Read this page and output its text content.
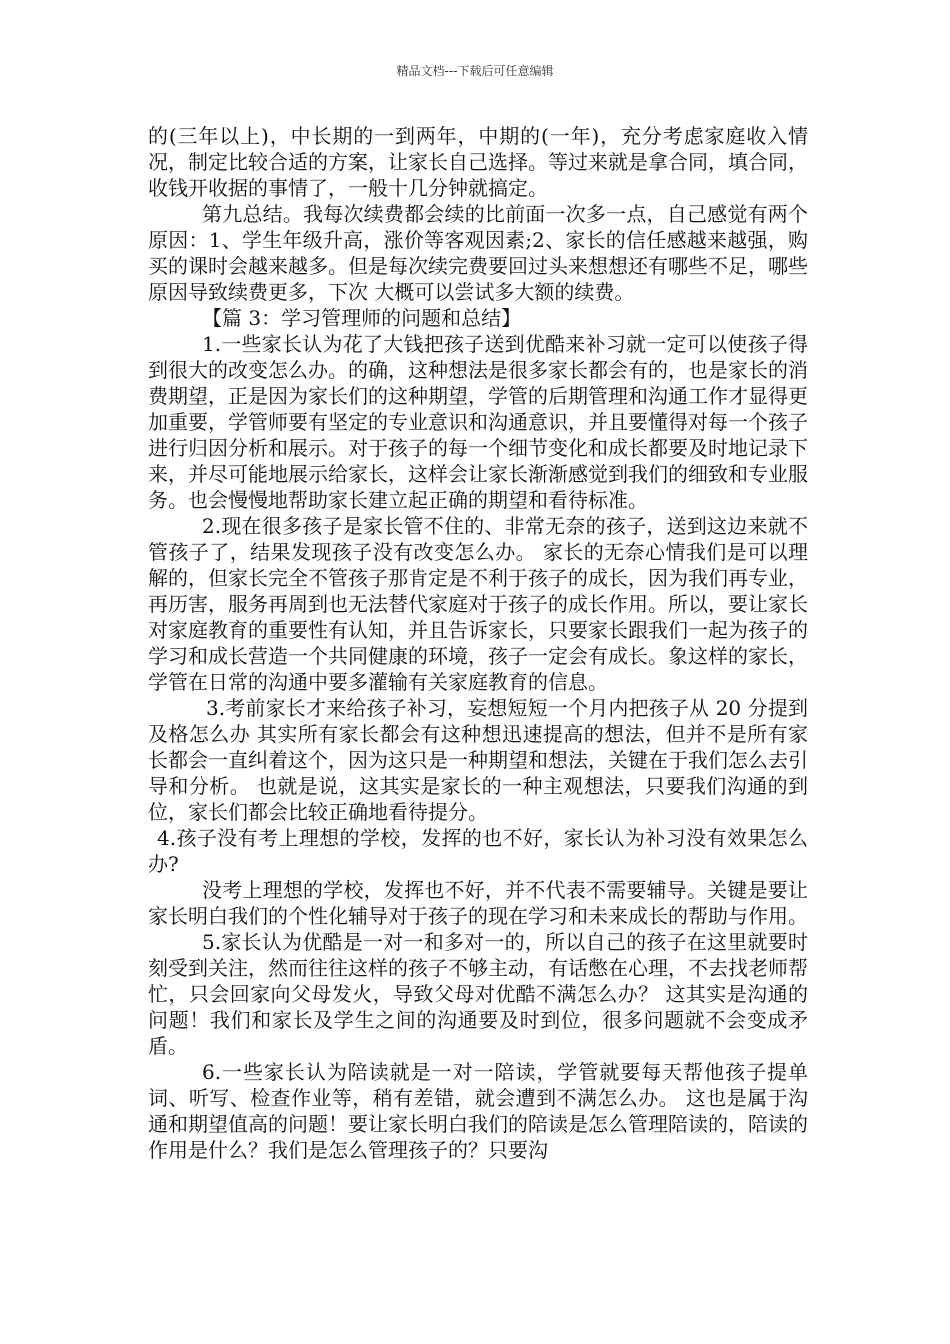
精品文档---下载后可任意编辑

的(三年以上)，中长期的一到两年，中期的(一年)，充分考虑家庭收入情况，制定比较合适的方案，让家长自己选择。等过来就是拿合同，填合同，收钱开收据的事情了，一般十几分钟就搞定。

第九总结。我每次续费都会续的比前面一次多一点，自己感觉有两个原因：1、学生年级升高，涨价等客观因素;2、家长的信任感越来越强，购买的课时会越来越多。但是每次续完费要回过头来想想还有哪些不足，哪些原因导致续费更多，下次 大概可以尝试多大额的续费。

【篇 3：学习管理师的问题和总结】

1.一些家长认为花了大钱把孩子送到优酷来补习就一定可以使孩子得到很大的改变怎么办。的确，这种想法是很多家长都会有的，也是家长的消费期望，正是因为家长们的这种期望，学管的后期管理和沟通工作才显得更加重要，学管师要有坚定的专业意识和沟通意识，并且要懂得对每一个孩子进行归因分析和展示。对于孩子的每一个细节变化和成长都要及时地记录下来，并尽可能地展示给家长，这样会让家长渐渐感觉到我们的细致和专业服务。也会慢慢地帮助家长建立起正确的期望和看待标准。

2.现在很多孩子是家长管不住的、非常无奈的孩子，送到这边来就不管孩子了，结果发现孩子没有改变怎么办。 家长的无奈心情我们是可以理解的，但家长完全不管孩子那肯定是不利于孩子的成长，因为我们再专业，再历害，服务再周到也无法替代家庭对于孩子的成长作用。所以，要让家长对家庭教育的重要性有认知，并且告诉家长，只要家长跟我们一起为孩子的学习和成长营造一个共同健康的环境，孩子一定会有成长。象这样的家长，学管在日常的沟通中要多灌输有关家庭教育的信息。

3.考前家长才来给孩子补习，妄想短短一个月内把孩子从 20 分提到及格怎么办 其实所有家长都会有这种想迅速提高的想法，但并不是所有家长都会一直纠着这个，因为这只是一种期望和想法，关键在于我们怎么去引导和分析。 也就是说，这其实是家长的一种主观想法，只要我们沟通的到位，家长们都会比较正确地看待提分。

4.孩子没有考上理想的学校，发挥的也不好，家长认为补习没有效果怎么办?

没考上理想的学校，发挥也不好，并不代表不需要辅导。关键是要让家长明白我们的个性化辅导对于孩子的现在学习和未来成长的帮助与作用。

5.家长认为优酷是一对一和多对一的，所以自己的孩子在这里就要时刻受到关注，然而往往这样的孩子不够主动，有话憋在心理，不去找老师帮忙，只会回家向父母发火，导致父母对优酷不满怎么办？ 这其实是沟通的问题！我们和家长及学生之间的沟通要及时到位，很多问题就不会变成矛盾。

6.一些家长认为陪读就是一对一陪读，学管就要每天帮他孩子提单词、听写、检查作业等，稍有差错，就会遭到不满怎么办。 这也是属于沟通和期望值高的问题！要让家长明白我们的陪读是怎么管理陪读的，陪读的作用是什么？我们是怎么管理孩子的？只要沟
